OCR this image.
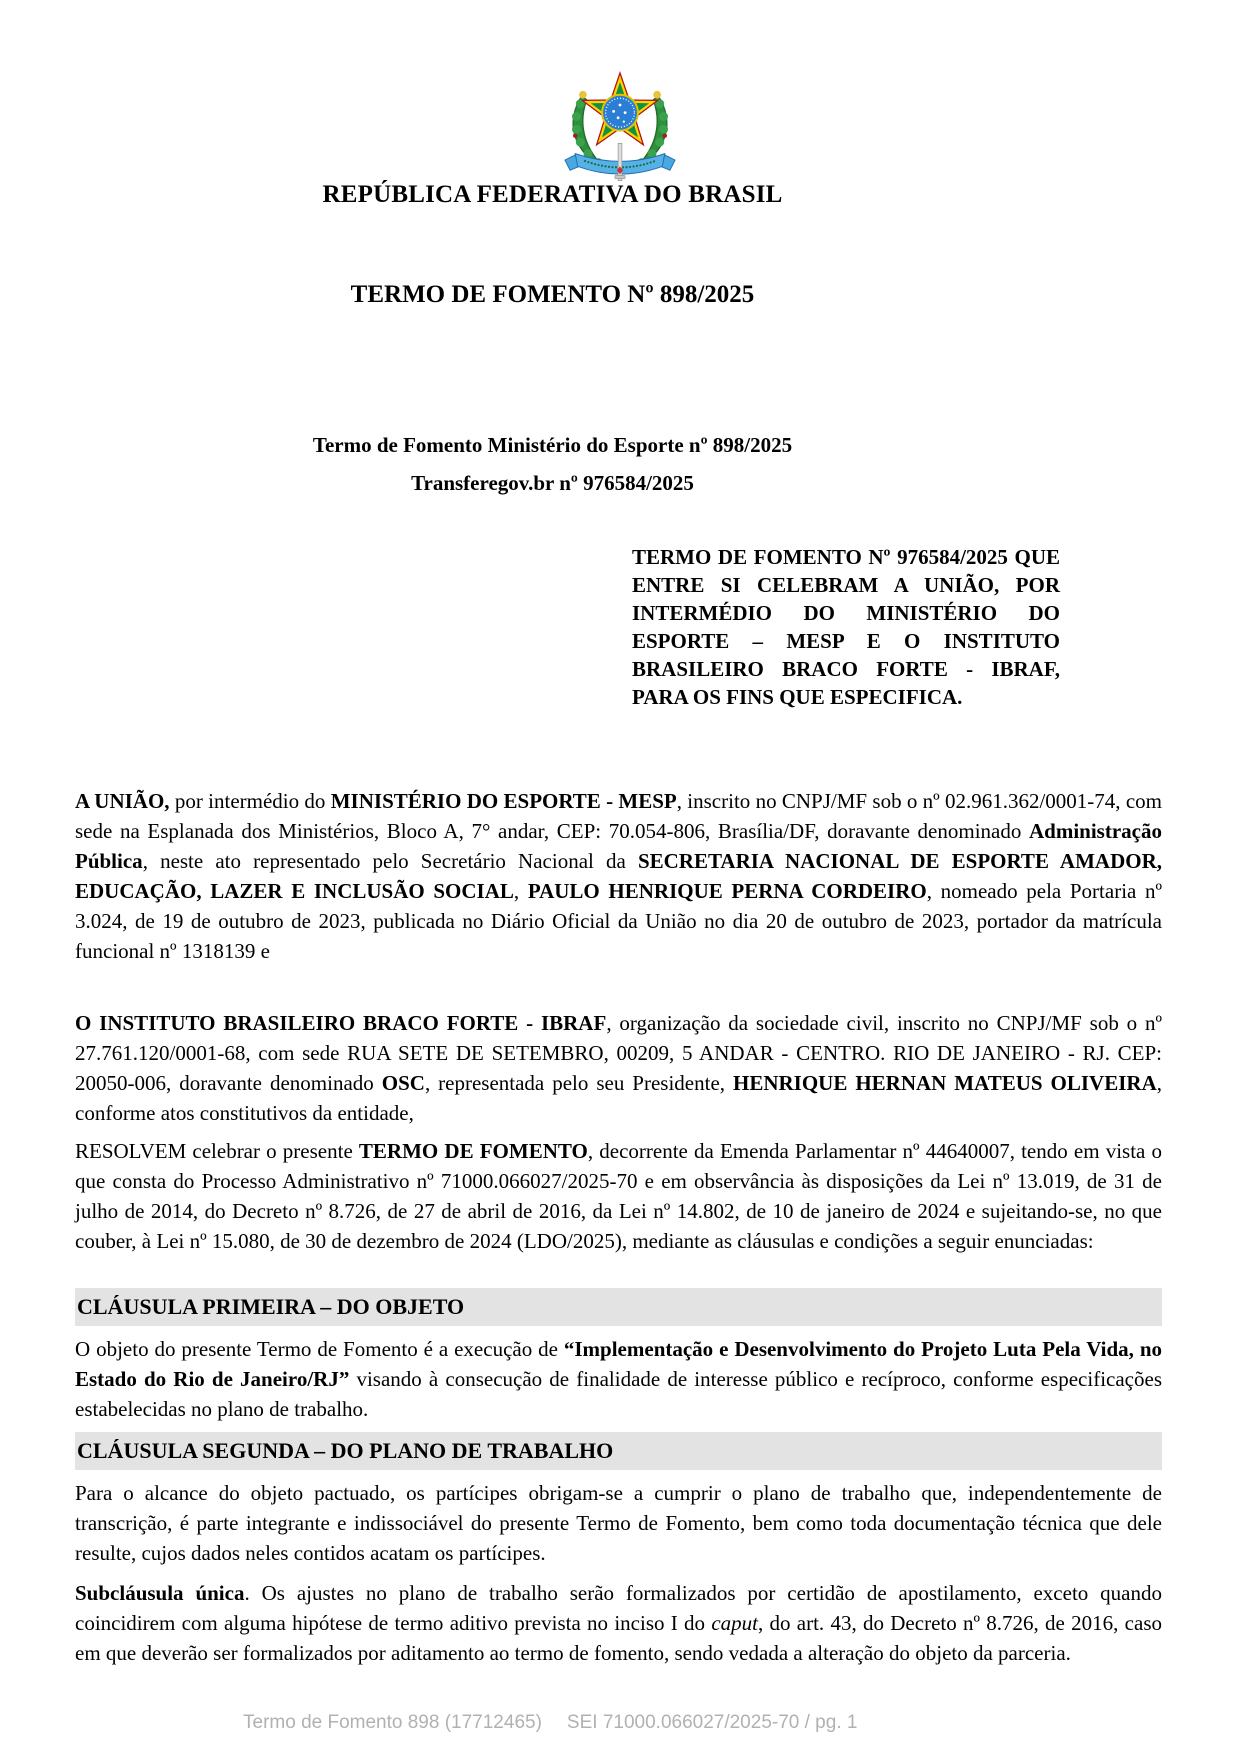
REPÚBLICA FEDERATIVA DO BRASIL
TERMO DE FOMENTO Nº 898/2025
Termo de Fomento Ministério do Esporte nº 898/2025
Transferegov.br nº 976584/2025
TERMO DE FOMENTO Nº 976584/2025 QUE ENTRE SI CELEBRAM A UNIÃO, POR INTERMÉDIO DO MINISTÉRIO DO ESPORTE – MESP E O INSTITUTO BRASILEIRO BRACO FORTE - IBRAF, PARA OS FINS QUE ESPECIFICA.

A UNIÃO, por intermédio do MINISTÉRIO DO ESPORTE - MESP, inscrito no CNPJ/MF sob o nº 02.961.362/0001-74, com sede na Esplanada dos Ministérios, Bloco A, 7° andar, CEP: 70.054-806, Brasília/DF, doravante denominado Administração Pública, neste ato representado pelo Secretário Nacional da SECRETARIA NACIONAL DE ESPORTE AMADOR, EDUCAÇÃO, LAZER E INCLUSÃO SOCIAL, PAULO HENRIQUE PERNA CORDEIRO, nomeado pela Portaria nº 3.024, de 19 de outubro de 2023, publicada no Diário Oficial da União no dia 20 de outubro de 2023, portador da matrícula funcional nº 1318139 e

O INSTITUTO BRASILEIRO BRACO FORTE - IBRAF, organização da sociedade civil, inscrito no CNPJ/MF sob o nº 27.761.120/0001-68, com sede RUA SETE DE SETEMBRO, 00209, 5 ANDAR - CENTRO. RIO DE JANEIRO - RJ. CEP: 20050-006, doravante denominado OSC, representada pelo seu Presidente, HENRIQUE HERNAN MATEUS OLIVEIRA, conforme atos constitutivos da entidade,

RESOLVEM celebrar o presente TERMO DE FOMENTO, decorrente da Emenda Parlamentar nº 44640007, tendo em vista o que consta do Processo Administrativo nº 71000.066027/2025-70 e em observância às disposições da Lei nº 13.019, de 31 de julho de 2014, do Decreto nº 8.726, de 27 de abril de 2016, da Lei nº 14.802, de 10 de janeiro de 2024 e sujeitando-se, no que couber, à Lei nº 15.080, de 30 de dezembro de 2024 (LDO/2025), mediante as cláusulas e condições a seguir enunciadas:

CLÁUSULA PRIMEIRA – DO OBJETO

O objeto do presente Termo de Fomento é a execução de “Implementação e Desenvolvimento do Projeto Luta Pela Vida, no Estado do Rio de Janeiro/RJ” visando à consecução de finalidade de interesse público e recíproco, conforme especificações estabelecidas no plano de trabalho.

CLÁUSULA SEGUNDA – DO PLANO DE TRABALHO

Para o alcance do objeto pactuado, os partícipes obrigam-se a cumprir o plano de trabalho que, independentemente de transcrição, é parte integrante e indissociável do presente Termo de Fomento, bem como toda documentação técnica que dele resulte, cujos dados neles contidos acatam os partícipes.

Subcláusula única. Os ajustes no plano de trabalho serão formalizados por certidão de apostilamento, exceto quando coincidirem com alguma hipótese de termo aditivo prevista no inciso I do caput, do art. 43, do Decreto nº 8.726, de 2016, caso em que deverão ser formalizados por aditamento ao termo de fomento, sendo vedada a alteração do objeto da parceria.

Termo de Fomento 898 (17712465) SEI 71000.066027/2025-70 / pg. 1
